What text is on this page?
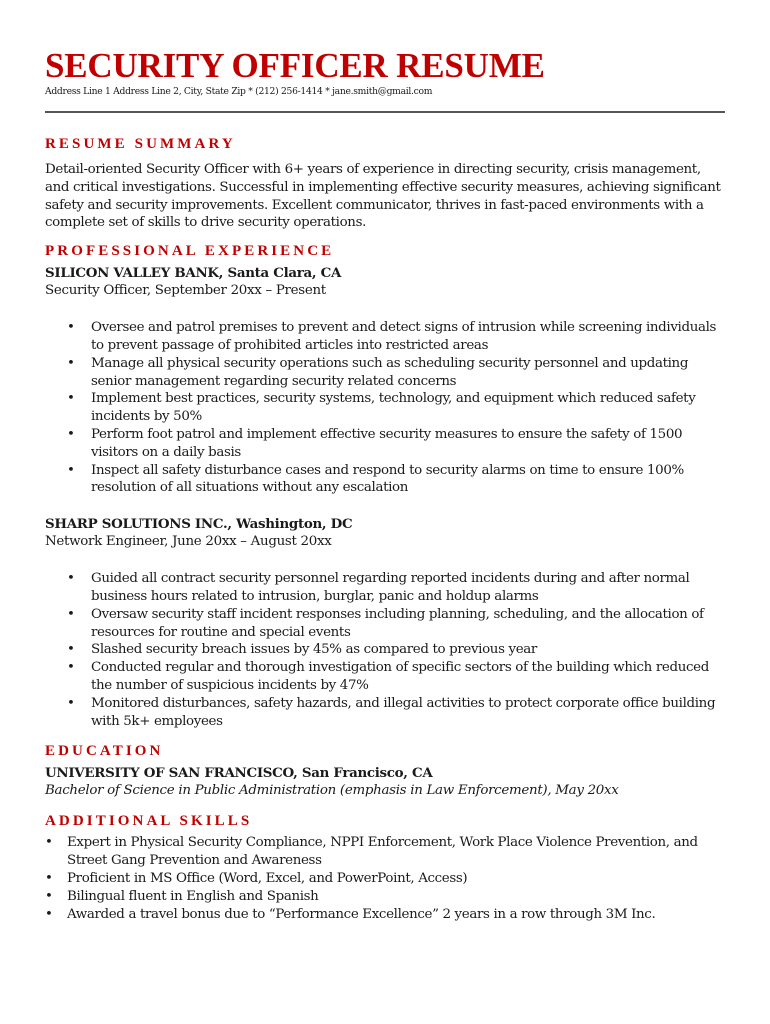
SECURITY OFFICER RESUME
Address Line 1 Address Line 2, City, State Zip * (212) 256-1414 * jane.smith@gmail.com
RESUME SUMMARY
Detail-oriented Security Officer with 6+ years of experience in directing security, crisis management, and critical investigations. Successful in implementing effective security measures, achieving significant safety and security improvements. Excellent communicator, thrives in fast-paced environments with a complete set of skills to drive security operations.
PROFESSIONAL EXPERIENCE
SILICON VALLEY BANK, Santa Clara, CA
Security Officer, September 20xx – Present
• Oversee and patrol premises to prevent and detect signs of intrusion while screening individuals to prevent passage of prohibited articles into restricted areas
• Manage all physical security operations such as scheduling security personnel and updating senior management regarding security related concerns
• Implement best practices, security systems, technology, and equipment which reduced safety incidents by 50%
• Perform foot patrol and implement effective security measures to ensure the safety of 1500 visitors on a daily basis
• Inspect all safety disturbance cases and respond to security alarms on time to ensure 100% resolution of all situations without any escalation
SHARP SOLUTIONS INC., Washington, DC
Network Engineer, June 20xx – August 20xx
• Guided all contract security personnel regarding reported incidents during and after normal business hours related to intrusion, burglar, panic and holdup alarms
• Oversaw security staff incident responses including planning, scheduling, and the allocation of resources for routine and special events
• Slashed security breach issues by 45% as compared to previous year
• Conducted regular and thorough investigation of specific sectors of the building which reduced the number of suspicious incidents by 47%
• Monitored disturbances, safety hazards, and illegal activities to protect corporate office building with 5k+ employees
EDUCATION
UNIVERSITY OF SAN FRANCISCO, San Francisco, CA
Bachelor of Science in Public Administration (emphasis in Law Enforcement), May 20xx
ADDITIONAL SKILLS
• Expert in Physical Security Compliance, NPPI Enforcement, Work Place Violence Prevention, and Street Gang Prevention and Awareness
• Proficient in MS Office (Word, Excel, and PowerPoint, Access)
• Bilingual fluent in English and Spanish
• Awarded a travel bonus due to “Performance Excellence” 2 years in a row through 3M Inc.
